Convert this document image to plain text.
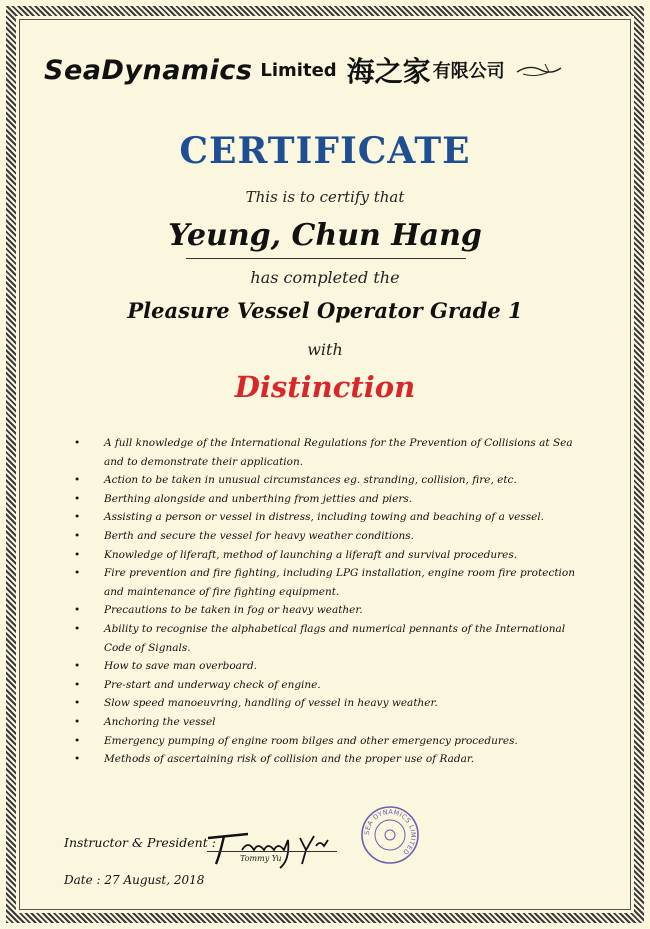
SeaDynamics Limited 海之家 有限公司
CERTIFICATE
This is to certify that
Yeung, Chun Hang
has completed the
Pleasure Vessel Operator Grade 1
with
Distinction
• A full knowledge of the International Regulations for the Prevention of Collisions at Sea and to demonstrate their application.
• Action to be taken in unusual circumstances eg. stranding, collision, fire, etc.
• Berthing alongside and unberthing from jetties and piers.
• Assisting a person or vessel in distress, including towing and beaching of a vessel.
• Berth and secure the vessel for heavy weather conditions.
• Knowledge of liferaft, method of launching a liferaft and survival procedures.
• Fire prevention and fire fighting, including LPG installation, engine room fire protection and maintenance of fire fighting equipment.
• Precautions to be taken in fog or heavy weather.
• Ability to recognise the alphabetical flags and numerical pennants of the International Code of Signals.
• How to save man overboard.
• Pre-start and underway check of engine.
• Slow speed manoeuvring, handling of vessel in heavy weather.
• Anchoring the vessel
• Emergency pumping of engine room bilges and other emergency procedures.
• Methods of ascertaining risk of collision and the proper use of Radar.
Instructor & President :
Tommy Yu
SEA DYNAMICS LIMITED
Date : 27 August, 2018
